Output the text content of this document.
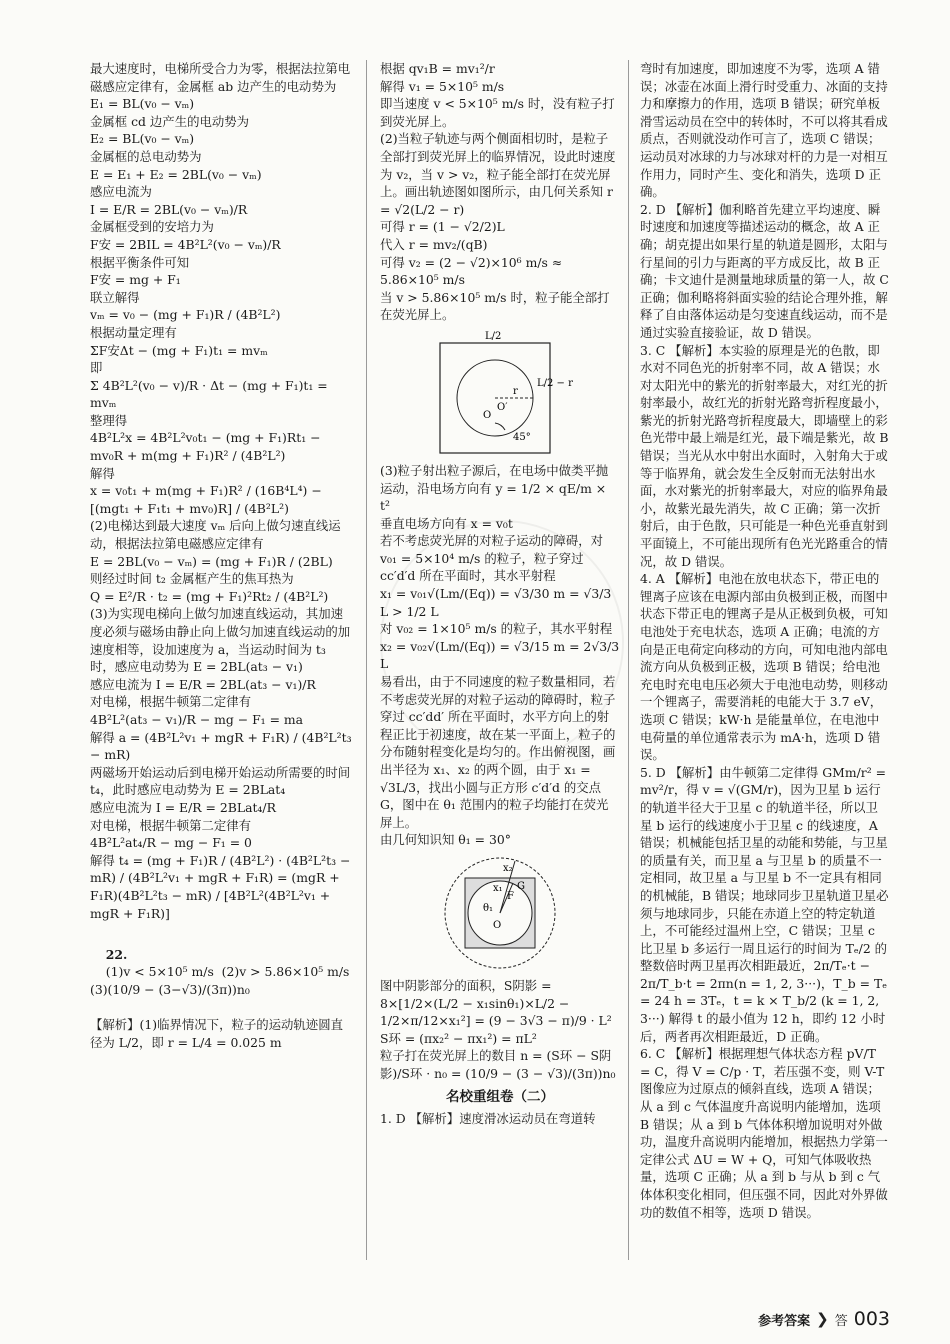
最大速度时，电梯所受合力为零，根据法拉第电磁感应定律有，金属框 ab 边产生的电动势为
E₁ = BL(v₀ − vₘ)
金属框 cd 边产生的电动势为
E₂ = BL(v₀ − vₘ)
金属框的总电动势为
E = E₁ + E₂ = 2BL(v₀ − vₘ)
感应电流为
I = E/R = 2BL(v₀ − vₘ)/R
金属框受到的安培力为
F安 = 2BIL = 4B²L²(v₀ − vₘ)/R
根据平衡条件可知
F安 = mg + F₁
联立解得
vₘ = v₀ − (mg + F₁)R / (4B²L²)
根据动量定理有
ΣF安Δt − (mg + F₁)t₁ = mvₘ
即
Σ 4B²L²(v₀ − v)/R · Δt − (mg + F₁)t₁ = mvₘ
整理得
4B²L²x = 4B²L²v₀t₁ − (mg + F₁)Rt₁ − mv₀R + m(mg + F₁)R² / (4B²L²)
解得
x = v₀t₁ + m(mg + F₁)R² / (16B⁴L⁴) − [(mgt₁ + F₁t₁ + mv₀)R] / (4B²L²)
(2)电梯达到最大速度 vₘ 后向上做匀速直线运动，根据法拉第电磁感应定律有
E = 2BL(v₀ − vₘ) = (mg + F₁)R / (2BL)
则经过时间 t₂ 金属框产生的焦耳热为
Q = E²/R · t₂ = (mg + F₁)²Rt₂ / (4B²L²)
(3)为实现电梯向上做匀加速直线运动，其加速度必须与磁场由静止向上做匀加速直线运动的加速度相等，设加速度为 a，当运动时间为 t₃ 时，感应电动势为 E = 2BL(at₃ − v₁)
感应电流为 I = E/R = 2BL(at₃ − v₁)/R
对电梯，根据牛顿第二定律有
4B²L²(at₃ − v₁)/R − mg − F₁ = ma
解得 a = (4B²L²v₁ + mgR + F₁R) / (4B²L²t₃ − mR)
两磁场开始运动后到电梯开始运动所需要的时间 t₄，此时感应电动势为 E = 2BLat₄
感应电流为 I = E/R = 2BLat₄/R
对电梯，根据牛顿第二定律有
4B²L²at₄/R − mg − F₁ = 0
解得 t₄ = (mg + F₁)R / (4B²L²) · (4B²L²t₃ − mR) / (4B²L²v₁ + mgR + F₁R) = (mgR + F₁R)(4B²L²t₃ − mR) / [4B²L²(4B²L²v₁ + mgR + F₁R)]

22.
(1)v < 5×10⁵ m/s  (2)v > 5.86×10⁵ m/s  (3)(10/9 − (3−√3)/(3π))n₀

【解析】(1)临界情况下，粒子的运动轨迹圆直径为 L/2，即 r = L/4 = 0.025 m
根据 qv₁B = mv₁²/r
解得 v₁ = 5×10⁵ m/s
即当速度 v < 5×10⁵ m/s 时，没有粒子打到荧光屏上。
(2)当粒子轨迹与两个侧面相切时，是粒子全部打到荧光屏上的临界情况，设此时速度为 v₂，当 v > v₂，粒子能全部打在荧光屏上。画出轨迹图如图所示，由几何关系知 r = √2(L/2 − r)
可得 r = (1 − √2/2)L
代入 r = mv₂/(qB)
可得 v₂ = (2 − √2)×10⁶ m/s ≈ 5.86×10⁵ m/s
当 v > 5.86×10⁵ m/s 时，粒子能全部打在荧光屏上。
L/2
L/2 − r
45°
O
O′
r
(3)粒子射出粒子源后，在电场中做类平抛运动，沿电场方向有 y = 1/2 × qE/m × t²
垂直电场方向有 x = v₀t
若不考虑荧光屏的对粒子运动的障碍，对 v₀₁ = 5×10⁴ m/s 的粒子，粒子穿过 cc′d′d 所在平面时，其水平射程
x₁ = v₀₁√(Lm/(Eq)) = √3/30 m = √3/3 L > 1/2 L
对 v₀₂ = 1×10⁵ m/s 的粒子，其水平射程 x₂ = v₀₂√(Lm/(Eq)) = √3/15 m = 2√3/3 L
易看出，由于不同速度的粒子数量相同，若不考虑荧光屏的对粒子运动的障碍时，粒子穿过 cc′dd′ 所在平面时，水平方向上的射程正比于初速度，故在某一平面上，粒子的分布随射程变化是均匀的。作出俯视图，画出半径为 x₁、x₂ 的两个圆，由于 x₁ = √3L/3，找出小圆与正方形 c′d′d 的交点 G，图中在 θ₁ 范围内的粒子均能打在荧光屏上。
由几何知识知 θ₁ = 30°
O
θ₁
x₁
x₂
F
G
图中阴影部分的面积，S阴影 = 8×[1/2×(L/2 − x₁sinθ₁)×L/2 − 1/2×π/12×x₁²] = (9 − 3√3 − π)/9 · L²
S环 = (πx₂² − πx₁²) = πL²
粒子打在荧光屏上的数目 n = (S环 − S阴影)/S环 · n₀ = (10/9 − (3 − √3)/(3π))n₀
名校重组卷（二）
1. D 【解析】速度滑冰运动员在弯道转
弯时有加速度，即加速度不为零，选项 A 错误；冰壶在冰面上滑行时受重力、冰面的支持力和摩擦力的作用，选项 B 错误；研究单板滑雪运动员在空中的转体时，不可以将其看成质点，否则就没动作可言了，选项 C 错误；运动员对冰球的力与冰球对杆的力是一对相互作用力，同时产生、变化和消失，选项 D 正确。
2. D 【解析】伽利略首先建立平均速度、瞬时速度和加速度等描述运动的概念，故 A 正确；胡克提出如果行星的轨道是圆形，太阳与行星间的引力与距离的平方成反比，故 B 正确；卡文迪什是测量地球质量的第一人，故 C 正确；伽利略将斜面实验的结论合理外推，解释了自由落体运动是匀变速直线运动，而不是通过实验直接验证，故 D 错误。
3. C 【解析】本实验的原理是光的色散，即水对不同色光的折射率不同，故 A 错误；水对太阳光中的紫光的折射率最大，对红光的折射率最小，故红光的折射光路弯折程度最小，紫光的折射光路弯折程度最大，即墙壁上的彩色光带中最上端是红光，最下端是紫光，故 B 错误；当光从水中射出水面时，入射角大于或等于临界角，就会发生全反射而无法射出水面，水对紫光的折射率最大，对应的临界角最小，故紫光最先消失，故 C 正确；第一次折射后，由于色散，只可能是一种色光垂直射到平面镜上，不可能出现所有色光光路重合的情况，故 D 错误。
4. A 【解析】电池在放电状态下，带正电的锂离子应该在电源内部由负极到正极，而图中状态下带正电的锂离子是从正极到负极，可知电池处于充电状态，选项 A 正确；电流的方向是正电荷定向移动的方向，可知电池内部电流方向从负极到正极，选项 B 错误；给电池充电时充电电压必须大于电池电动势，则移动一个锂离子，需要消耗的电能大于 3.7 eV，选项 C 错误；kW·h 是能量单位，在电池中电荷量的单位通常表示为 mA·h，选项 D 错误。
5. D 【解析】由牛顿第二定律得 GMm/r² = mv²/r，得 v = √(GM/r)，因为卫星 b 运行的轨道半径大于卫星 c 的轨道半径，所以卫星 b 运行的线速度小于卫星 c 的线速度，A 错误；机械能包括卫星的动能和势能，与卫星的质量有关，而卫星 a 与卫星 b 的质量不一定相同，故卫星 a 与卫星 b 不一定具有相同的机械能，B 错误；地球同步卫星轨道卫星必须与地球同步，只能在赤道上空的特定轨道上，不可能经过温州上空，C 错误；卫星 c 比卫星 b 多运行一周且运行的时间为 Tₑ/2 的整数倍时两卫星再次相距最近，2π/Tₑ·t − 2π/T_b·t = 2πn(n = 1, 2, 3···)，T_b = Tₑ = 24 h = 3Tₑ，t = k × T_b/2 (k = 1, 2, 3···) 解得 t 的最小值为 12 h，即约 12 小时后，两者再次相距最近，D 正确。
6. C 【解析】根据理想气体状态方程 pV/T = C，得 V = C/p · T，若压强不变，则 V-T 图像应为过原点的倾斜直线，选项 A 错误；从 a 到 c 气体温度升高说明内能增加，选项 B 错误；从 a 到 b 气体体积增加说明对外做功，温度升高说明内能增加，根据热力学第一定律公式 ΔU = W + Q，可知气体吸收热量，选项 C 正确；从 a 到 b 与从 b 到 c 气体体积变化相同，但压强不同，因此对外界做功的数值不相等，选项 D 错误。
参考答案 ❯ 答 003
